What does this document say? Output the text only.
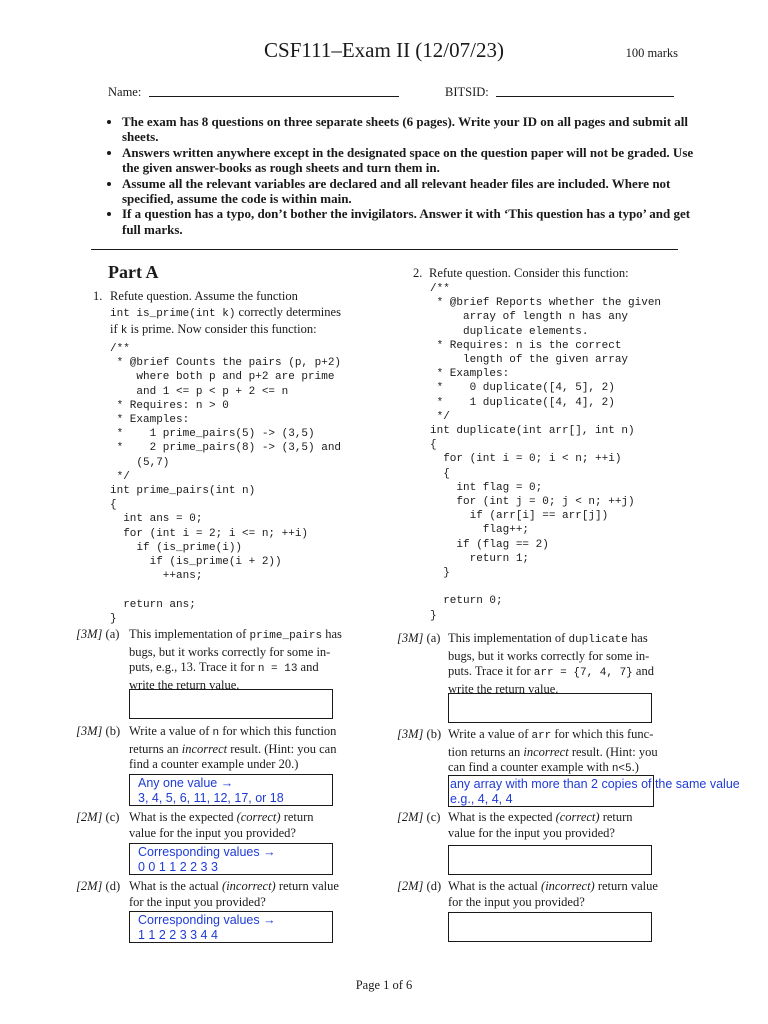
CSF111–Exam II (12/07/23)	100 marks
Name:	BITSID:
• The exam has 8 questions on three separate sheets (6 pages). Write your ID on all pages and submit all sheets.
• Answers written anywhere except in the designated space on the question paper will not be graded. Use the given answer-books as rough sheets and turn them in.
• Assume all the relevant variables are declared and all relevant header files are included. Where not specified, assume the code is within main.
• If a question has a typo, don’t bother the invigilators. Answer it with ‘This question has a typo’ and get full marks.
Part A
1. Refute question. Assume the function
int is_prime(int k) correctly determines
if k is prime. Now consider this function:
/**
* @brief Counts the pairs (p, p+2)
where both p and p+2 are prime
and 1 <= p < p + 2 <= n
* Requires: n > 0
* Examples:
*    1 prime_pairs(5) -> (3,5)
*    2 prime_pairs(8) -> (3,5) and
(5,7)
*/
int prime_pairs(int n)
{
int ans = 0;
for (int i = 2; i <= n; ++i)
if (is_prime(i))
if (is_prime(i + 2))
++ans;

return ans;
}
[3M] (a) This implementation of prime_pairs has bugs, but it works correctly for some in-
puts, e.g., 13. Trace it for n = 13 and
write the return value.
[3M] (b) Write a value of n for which this function
returns an incorrect result. (Hint: you can
find a counter example under 20.)
Any one value →
3, 4, 5, 6, 11, 12, 17, or 18
[2M] (c) What is the expected (correct) return
value for the input you provided?
Corresponding values →
0 0 1 1 2 2 3 3
[2M] (d) What is the actual (incorrect) return value
for the input you provided?
Corresponding values →
1 1 2 2 3 3 4 4
2. Refute question. Consider this function:
/**
* @brief Reports whether the given
array of length n has any
duplicate elements.
* Requires: n is the correct
length of the given array
* Examples:
*    0 duplicate([4, 5], 2)
*    1 duplicate([4, 4], 2)
*/
int duplicate(int arr[], int n)
{
for (int i = 0; i < n; ++i)
{
int flag = 0;
for (int j = 0; j < n; ++j)
if (arr[i] == arr[j])
flag++;
if (flag == 2)
return 1;
}

return 0;
}
[3M] (a) This implementation of duplicate has
bugs, but it works correctly for some in-
puts. Trace it for arr = {7, 4, 7} and
write the return value.
[3M] (b) Write a value of arr for which this func-
tion returns an incorrect result. (Hint: you
can find a counter example with n<5.)
any array with more than 2 copies of the same value
e.g., 4, 4, 4
[2M] (c) What is the expected (correct) return
value for the input you provided?
[2M] (d) What is the actual (incorrect) return value
for the input you provided?
Page 1 of 6
